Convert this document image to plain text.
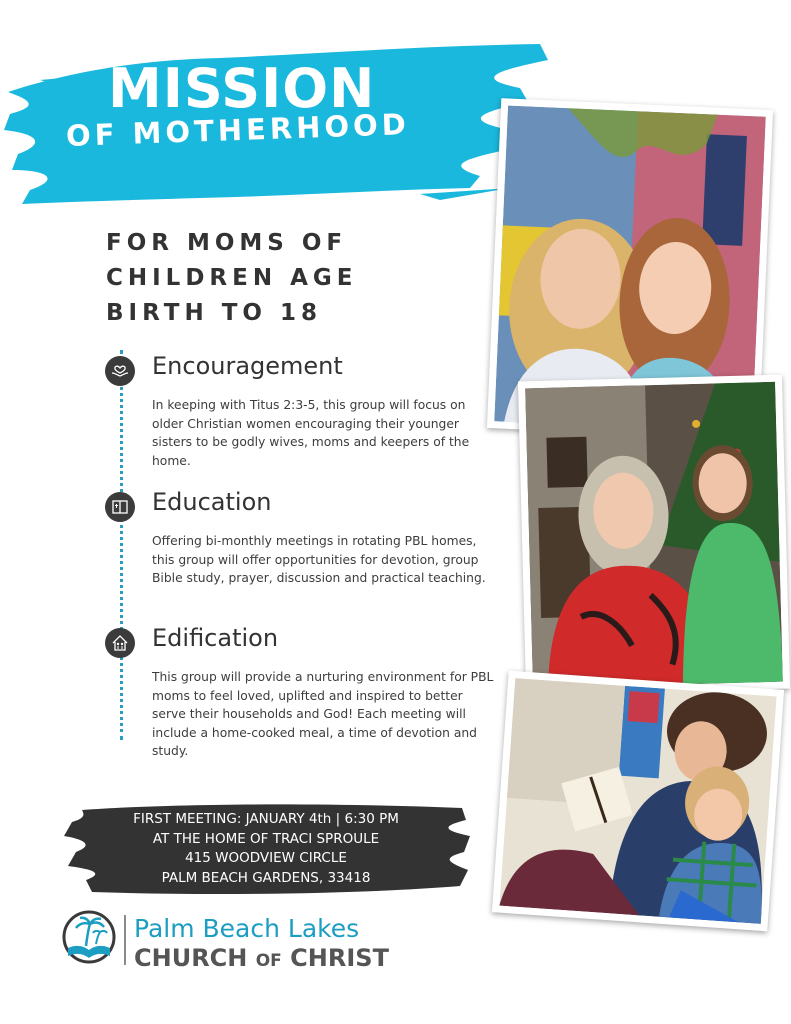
MISSION
OF MOTHERHOOD

FOR MOMS OF CHILDREN AGE BIRTH TO 18

Encouragement

In keeping with Titus 2:3-5, this group will focus on older Christian women encouraging their younger sisters to be godly wives, moms and keepers of the home.

Education

Offering bi-monthly meetings in rotating PBL homes, this group will offer opportunities for devotion, group Bible study, prayer, discussion and practical teaching.

Edification

This group will provide a nurturing environment for PBL moms to feel loved, uplifted and inspired to better serve their households and God! Each meeting will include a home-cooked meal, a time of devotion and study.

FIRST MEETING: JANUARY 4th | 6:30 PM
AT THE HOME OF TRACI SPROULE
415 WOODVIEW CIRCLE
PALM BEACH GARDENS, 33418

Palm Beach Lakes

CHURCH OF CHRIST
